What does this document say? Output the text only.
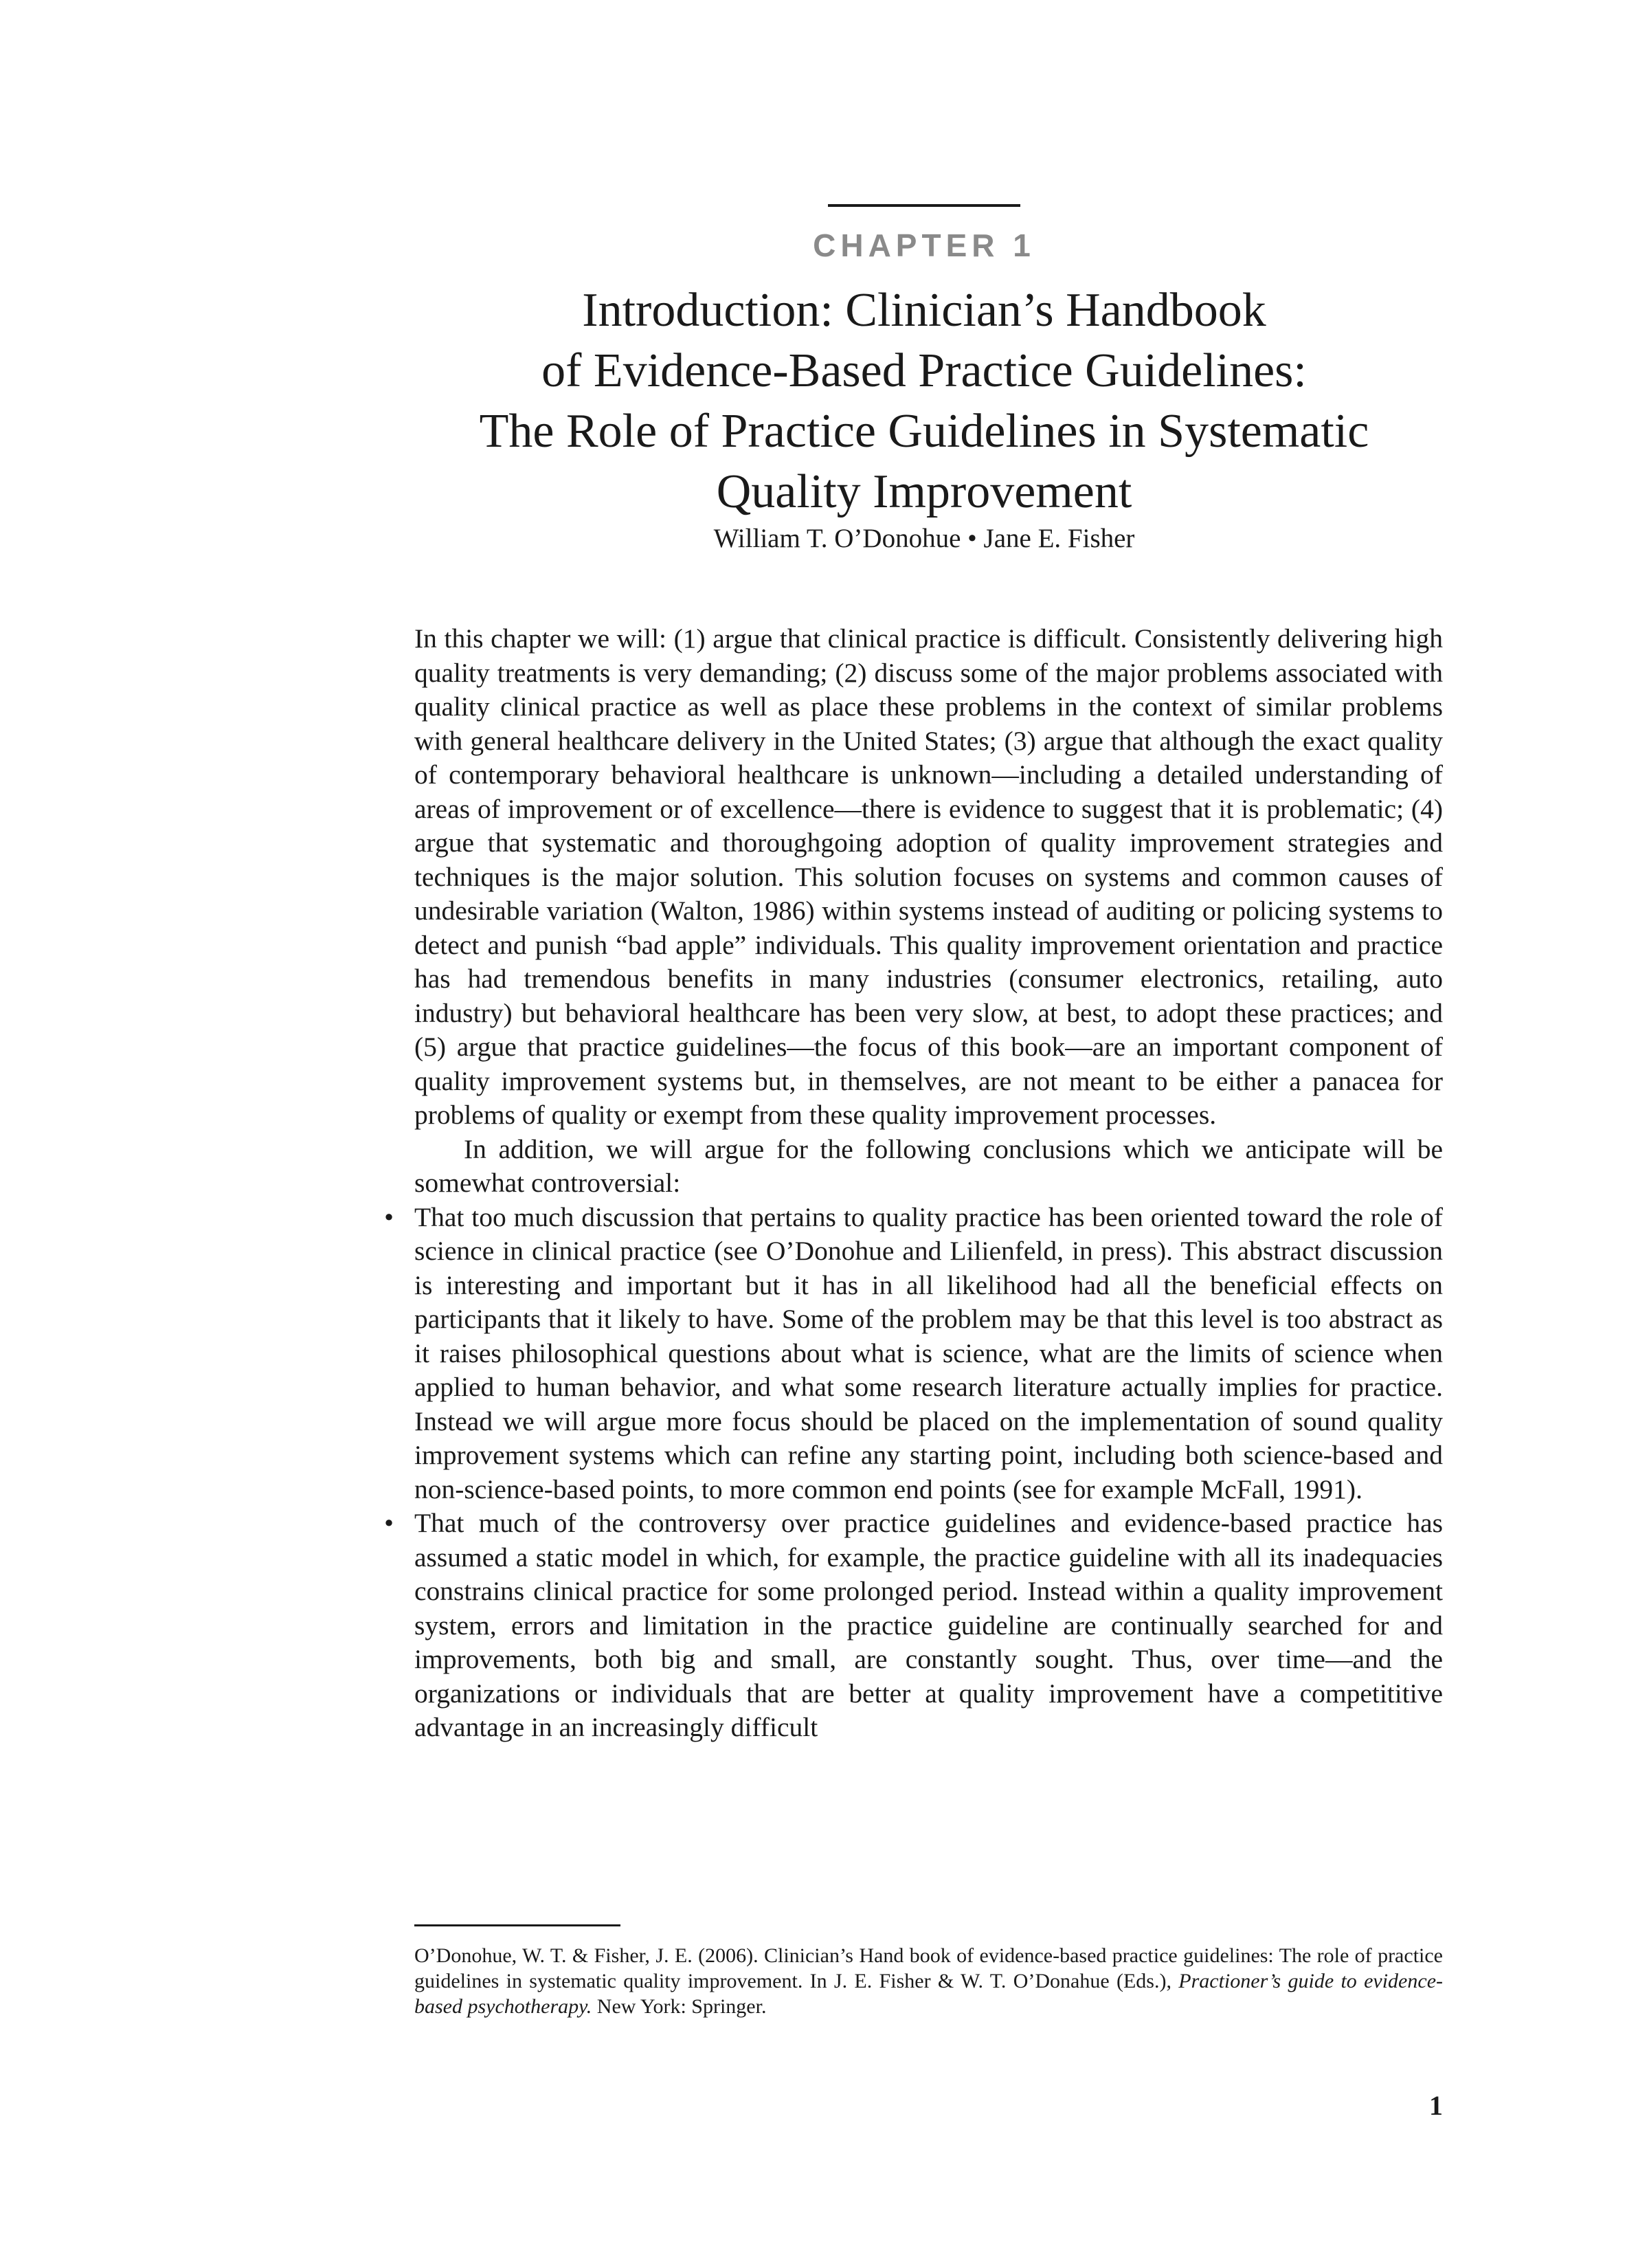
CHAPTER 1
Introduction: Clinician’s Handbook
of Evidence-Based Practice Guidelines:
The Role of Practice Guidelines in Systematic
Quality Improvement
William T. O’Donohue • Jane E. Fisher

In this chapter we will: (1) argue that clinical practice is difficult. Consistently delivering high quality treatments is very demanding; (2) discuss some of the major problems associated with quality clinical practice as well as place these problems in the context of similar problems with general healthcare delivery in the United States; (3) argue that although the exact quality of contemporary behavioral healthcare is unknown—including a detailed understanding of areas of improvement or of excellence—there is evidence to suggest that it is problematic; (4) argue that systematic and thoroughgoing adoption of quality improvement strategies and techniques is the major solution. This solution focuses on systems and common causes of undesirable variation (Walton, 1986) within systems instead of auditing or policing systems to detect and punish “bad apple” individuals. This quality improvement orientation and practice has had tremendous benefits in many industries (consumer electronics, retailing, auto industry) but behavioral healthcare has been very slow, at best, to adopt these practices; and (5) argue that practice guidelines—the focus of this book—are an important component of quality improvement systems but, in themselves, are not meant to be either a panacea for problems of quality or exempt from these quality improvement processes.

In addition, we will argue for the following conclusions which we anticipate will be somewhat controversial:

• That too much discussion that pertains to quality practice has been oriented toward the role of science in clinical practice (see O’Donohue and Lilienfeld, in press). This abstract discussion is interesting and important but it has in all likelihood had all the beneficial effects on participants that it likely to have. Some of the problem may be that this level is too abstract as it raises philosophical questions about what is science, what are the limits of science when applied to human behavior, and what some research literature actually implies for practice. Instead we will argue more focus should be placed on the implementation of sound quality improvement systems which can refine any starting point, including both science-based and non-science-based points, to more common end points (see for example McFall, 1991).
• That much of the controversy over practice guidelines and evidence-based practice has assumed a static model in which, for example, the practice guideline with all its inadequacies constrains clinical practice for some prolonged period. Instead within a quality improvement system, errors and limitation in the practice guideline are continually searched for and improvements, both big and small, are constantly sought. Thus, over time—and the organizations or individuals that are better at quality improvement have a competititive advantage in an increasingly difficult
O’Donohue, W. T. & Fisher, J. E. (2006). Clinician’s Hand book of evidence-based practice guidelines: The role of practice guidelines in systematic quality improvement. In J. E. Fisher & W. T. O’Donahue (Eds.), Practioner’s guide to evidence-based psychotherapy. New York: Springer.
1
